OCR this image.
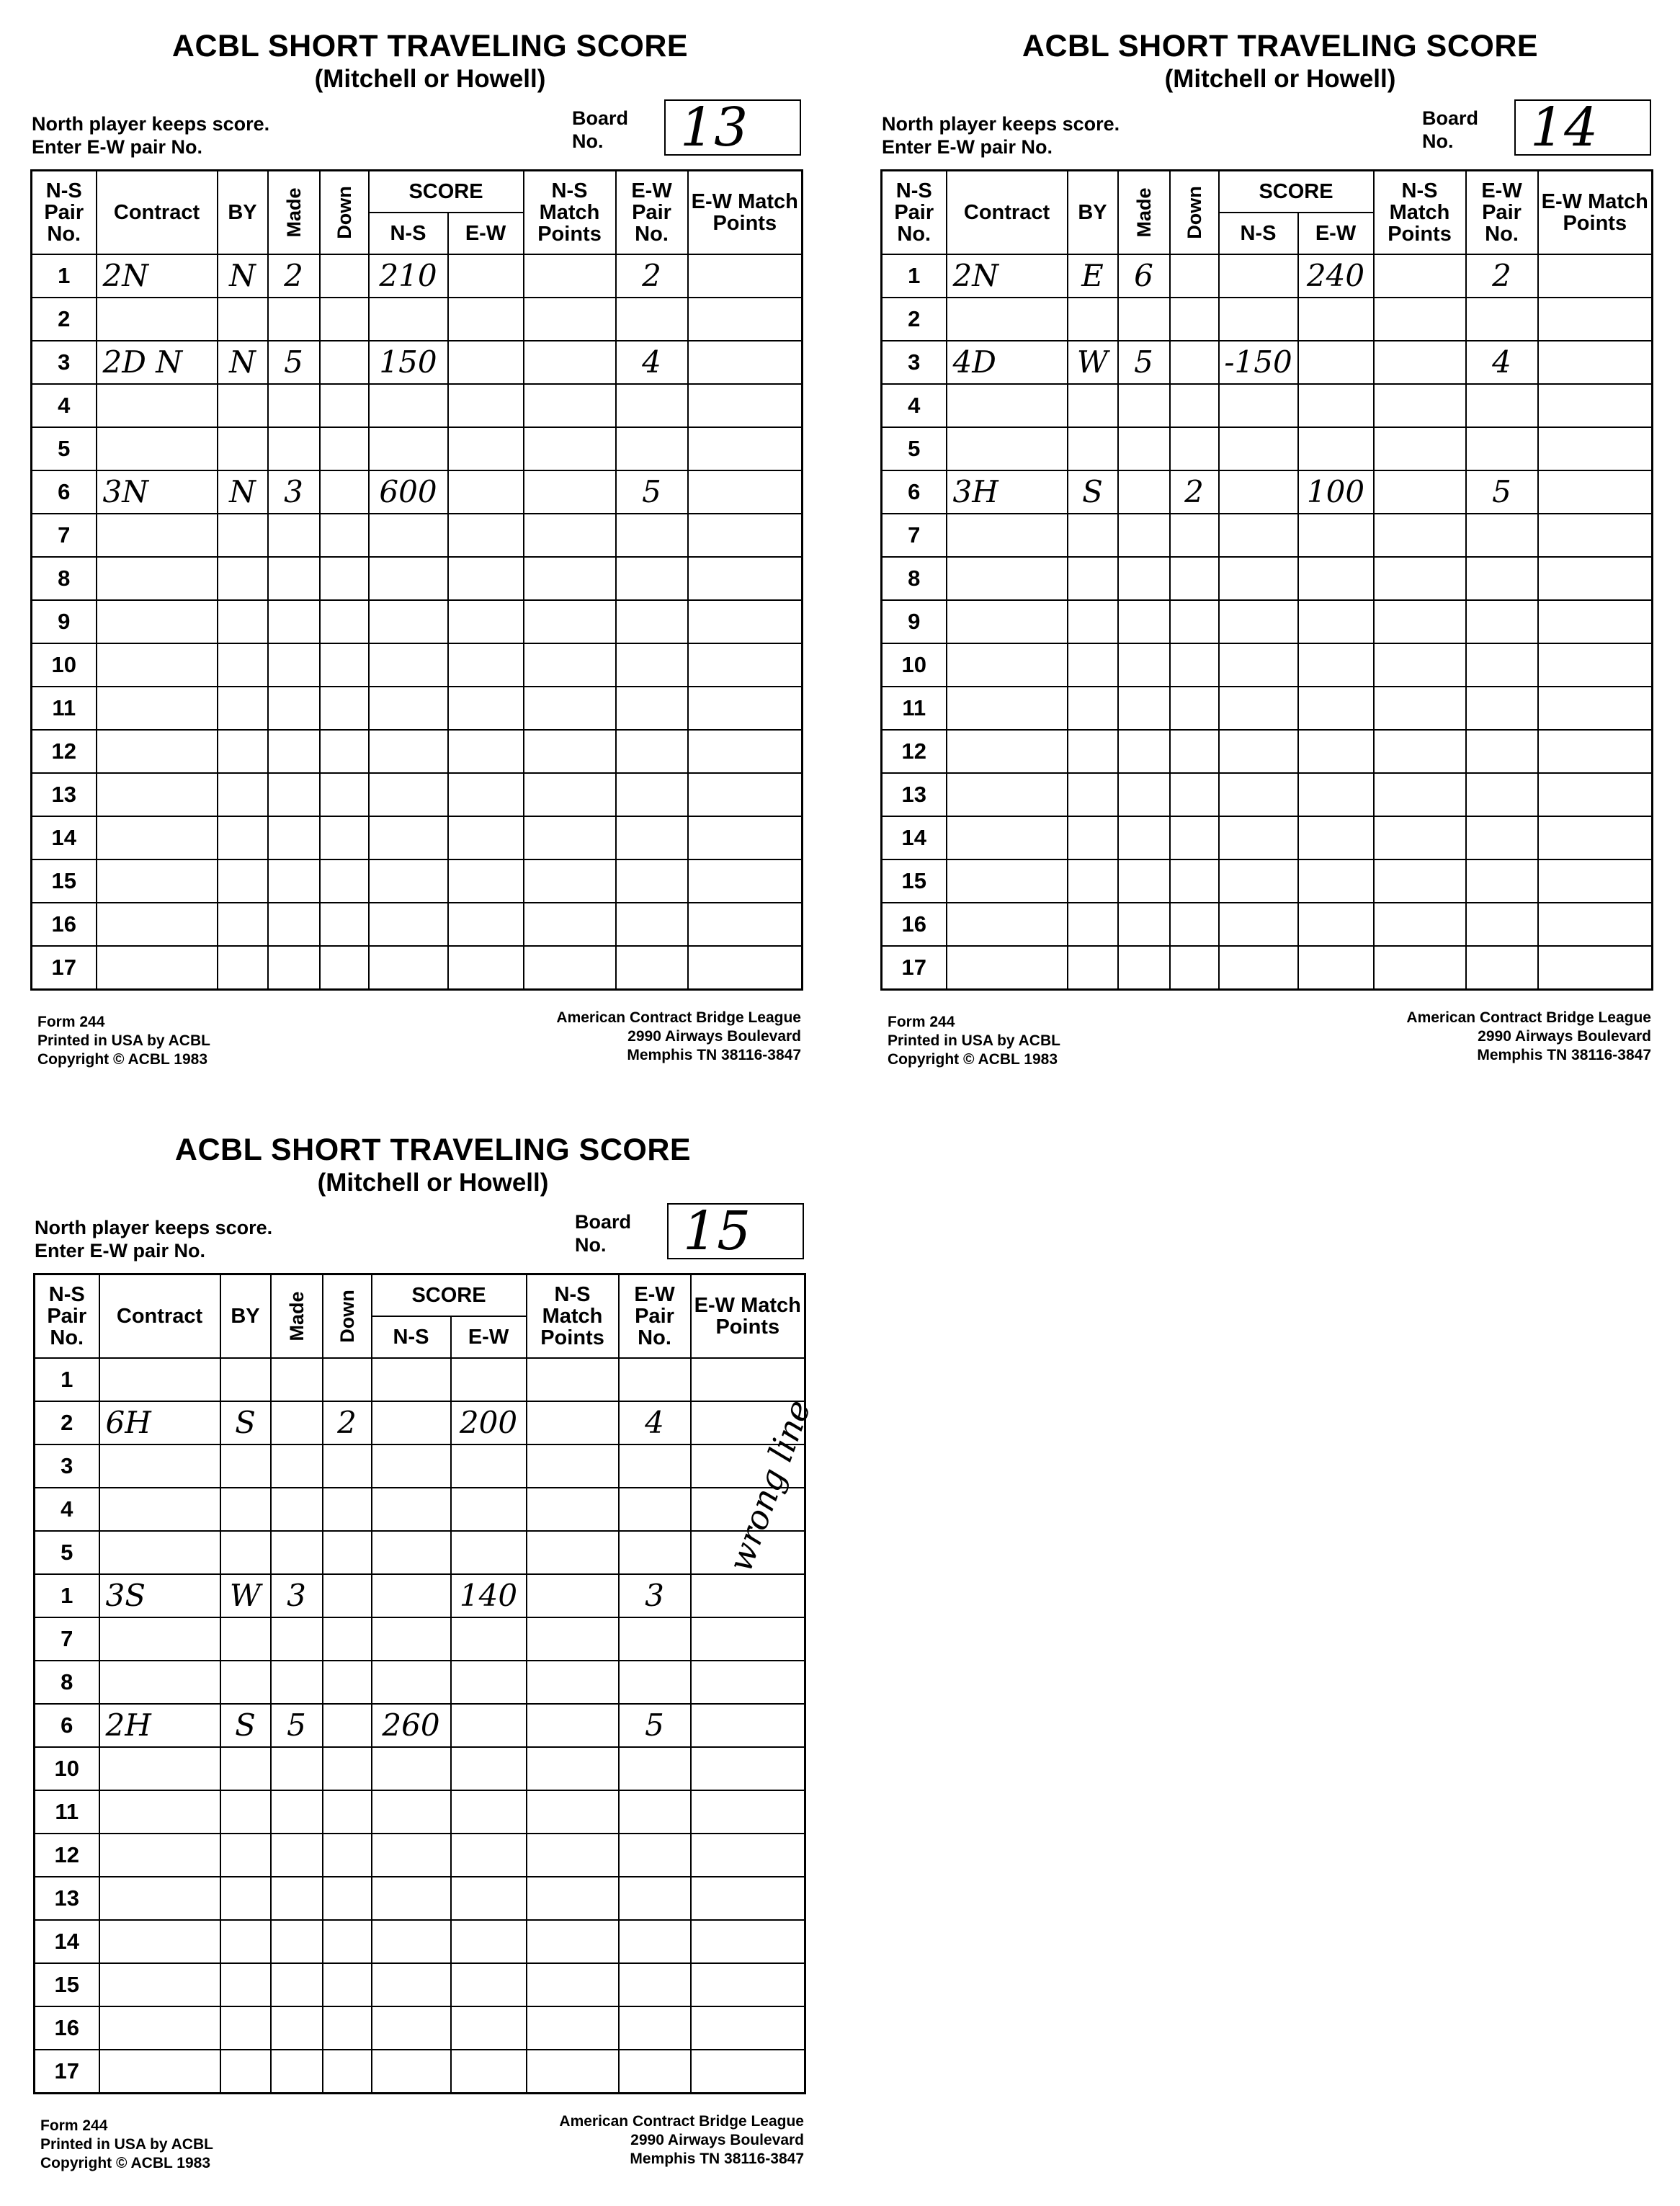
ACBL SHORT TRAVELING SCORE
(Mitchell or Howell)
North player keeps score.
Enter E-W pair No.
Board
No.	13
N-S Pair No.	Contract	BY	Made	Down	SCORE		N-S Match Points	E-W Pair No.	E-W Match Points
					N-S	E-W			
1	2N	N	2		210			2	
2									
3	2D N	N	5		150			4	
4									
5									
6	3N	N	3		600			5	
7									
8									
9									
10									
11									
12									
13									
14									
15									
16									
17									
Form 244
Printed in USA by ACBL
Copyright © ACBL 1983
American Contract Bridge League
2990 Airways Boulevard
Memphis TN 38116-3847
ACBL SHORT TRAVELING SCORE
(Mitchell or Howell)
North player keeps score.
Enter E-W pair No.
Board
No.	14
N-S Pair No.	Contract	BY	Made	Down	SCORE		N-S Match Points	E-W Pair No.	E-W Match Points
					N-S	E-W			
1	2N	E	6			240		2	
2									
3	4D	W	5		-150			4	
4									
5									
6	3H	S		2		100		5	
7									
8									
9									
10									
11									
12									
13									
14									
15									
16									
17									
Form 244
Printed in USA by ACBL
Copyright © ACBL 1983
American Contract Bridge League
2990 Airways Boulevard
Memphis TN 38116-3847
ACBL SHORT TRAVELING SCORE
(Mitchell or Howell)
North player keeps score.
Enter E-W pair No.
Board
No.	15
N-S Pair No.	Contract	BY	Made	Down	SCORE		N-S Match Points	E-W Pair No.	E-W Match Points
					N-S	E-W			
1									
2	6H	S		2		200		4	
3									
4									
5									
1	3S	W	3			140		3	
7									
8									
6	2H	S	5		260			5	
10									
11									
12									
13									
14									
15									
16									
17									
Form 244
Printed in USA by ACBL
Copyright © ACBL 1983
American Contract Bridge League
2990 Airways Boulevard
Memphis TN 38116-3847
wrong line
